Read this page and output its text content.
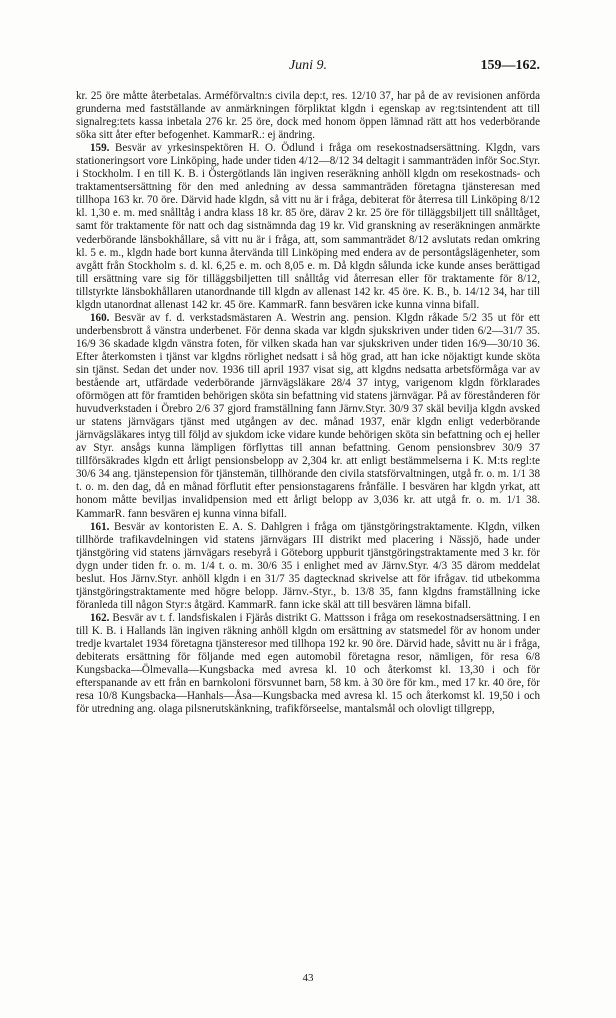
Juni 9.	159—162.

kr. 25 öre måtte återbetalas. Arméförvaltn:s civila dep:t, res. 12/10 37, har på de av revisionen anförda grunderna med fastställande av anmärkningen förpliktat klgdn i egenskap av reg:tsintendent att till signalreg:tets kassa inbetala 276 kr. 25 öre, dock med honom öppen lämnad rätt att hos vederbörande söka sitt åter efter befogenhet. KammarR.: ej ändring.

159. Besvär av yrkesinspektören H. O. Ödlund i fråga om resekostnadsersättning. Klgdn, vars stationeringsort vore Linköping, hade under tiden 4/12—8/12 34 deltagit i sammanträden inför Soc.Styr. i Stockholm. I en till K. B. i Östergötlands län ingiven reseräkning anhöll klgdn om resekostnads- och traktamentsersättning för den med anledning av dessa sammanträden företagna tjänsteresan med tillhopa 163 kr. 70 öre. Därvid hade klgdn, så vitt nu är i fråga, debiterat för återresa till Linköping 8/12 kl. 1,30 e. m. med snålltåg i andra klass 18 kr. 85 öre, därav 2 kr. 25 öre för tilläggsbiljett till snålltåget, samt för traktamente för natt och dag sistnämnda dag 19 kr. Vid granskning av reseräkningen anmärkte vederbörande länsbokhållare, så vitt nu är i fråga, att, som sammanträdet 8/12 avslutats redan omkring kl. 5 e. m., klgdn hade bort kunna återvända till Linköping med endera av de persontågslägenheter, som avgått från Stockholm s. d. kl. 6,25 e. m. och 8,05 e. m. Då klgdn sålunda icke kunde anses berättigad till ersättning vare sig för tilläggsbiljetten till snålltåg vid återresan eller för traktamente för 8/12, tillstyrkte länsbokhållaren utanordnande till klgdn av allenast 142 kr. 45 öre. K. B., b. 14/12 34, har till klgdn utanordnat allenast 142 kr. 45 öre. KammarR. fann besvären icke kunna vinna bifall.

160. Besvär av f. d. verkstadsmästaren A. Westrin ang. pension. Klgdn råkade 5/2 35 ut för ett underbensbrott å vänstra underbenet. För denna skada var klgdn sjukskriven under tiden 6/2—31/7 35. 16/9 36 skadade klgdn vänstra foten, för vilken skada han var sjukskriven under tiden 16/9—30/10 36. Efter återkomsten i tjänst var klgdns rörlighet nedsatt i så hög grad, att han icke nöjaktigt kunde sköta sin tjänst. Sedan det under nov. 1936 till april 1937 visat sig, att klgdns nedsatta arbetsförmåga var av bestående art, utfärdade vederbörande järnvägsläkare 28/4 37 intyg, varigenom klgdn förklarades oförmögen att för framtiden behörigen sköta sin befattning vid statens järnvägar. På av förestånderen för huvudverkstaden i Örebro 2/6 37 gjord framställning fann Järnv.Styr. 30/9 37 skäl bevilja klgdn avsked ur statens järnvägars tjänst med utgången av dec. månad 1937, enär klgdn enligt vederbörande järnvägsläkares intyg till följd av sjukdom icke vidare kunde behörigen sköta sin befattning och ej heller av Styr. ansågs kunna lämpligen förflyttas till annan befattning. Genom pensionsbrev 30/9 37 tillförsäkrades klgdn ett årligt pensionsbelopp av 2,304 kr. att enligt bestämmelserna i K. M:ts regl:te 30/6 34 ang. tjänstepension för tjänstemän, tillhörande den civila statsförvaltningen, utgå fr. o. m. 1/1 38 t. o. m. den dag, då en månad förflutit efter pensionstagarens frånfälle. I besvären har klgdn yrkat, att honom måtte beviljas invalidpension med ett årligt belopp av 3,036 kr. att utgå fr. o. m. 1/1 38. KammarR. fann besvären ej kunna vinna bifall.

161. Besvär av kontoristen E. A. S. Dahlgren i fråga om tjänstgöringstraktamente. Klgdn, vilken tillhörde trafikavdelningen vid statens järnvägars III distrikt med placering i Nässjö, hade under tjänstgöring vid statens järnvägars resebyrå i Göteborg uppburit tjänstgöringstraktamente med 3 kr. för dygn under tiden fr. o. m. 1/4 t. o. m. 30/6 35 i enlighet med av Järnv.Styr. 4/3 35 därom meddelat beslut. Hos Järnv.Styr. anhöll klgdn i en 31/7 35 dagtecknad skrivelse att för ifrågav. tid utbekomma tjänstgöringstraktamente med högre belopp. Järnv.-Styr., b. 13/8 35, fann klgdns framställning icke föranleda till någon Styr:s åtgärd. KammarR. fann icke skäl att till besvären lämna bifall.

162. Besvär av t. f. landsfiskalen i Fjärås distrikt G. Mattsson i fråga om resekostnadsersättning. I en till K. B. i Hallands län ingiven räkning anhöll klgdn om ersättning av statsmedel för av honom under tredje kvartalet 1934 företagna tjänsteresor med tillhopa 192 kr. 90 öre. Därvid hade, såvitt nu är i fråga, debiterats ersättning för följande med egen automobil företagna resor, nämligen, för resa 6/8 Kungsbacka—Ölmevalla—Kungsbacka med avresa kl. 10 och återkomst kl. 13,30 i och för efterspanande av ett från en barnkoloni försvunnet barn, 58 km. à 30 öre för km., med 17 kr. 40 öre, för resa 10/8 Kungsbacka—Hanhals—Åsa—Kungsbacka med avresa kl. 15 och återkomst kl. 19,50 i och för utredning ang. olaga pilsnerutskänkning, trafikförseelse, mantalsmål och olovligt tillgrepp,

43
